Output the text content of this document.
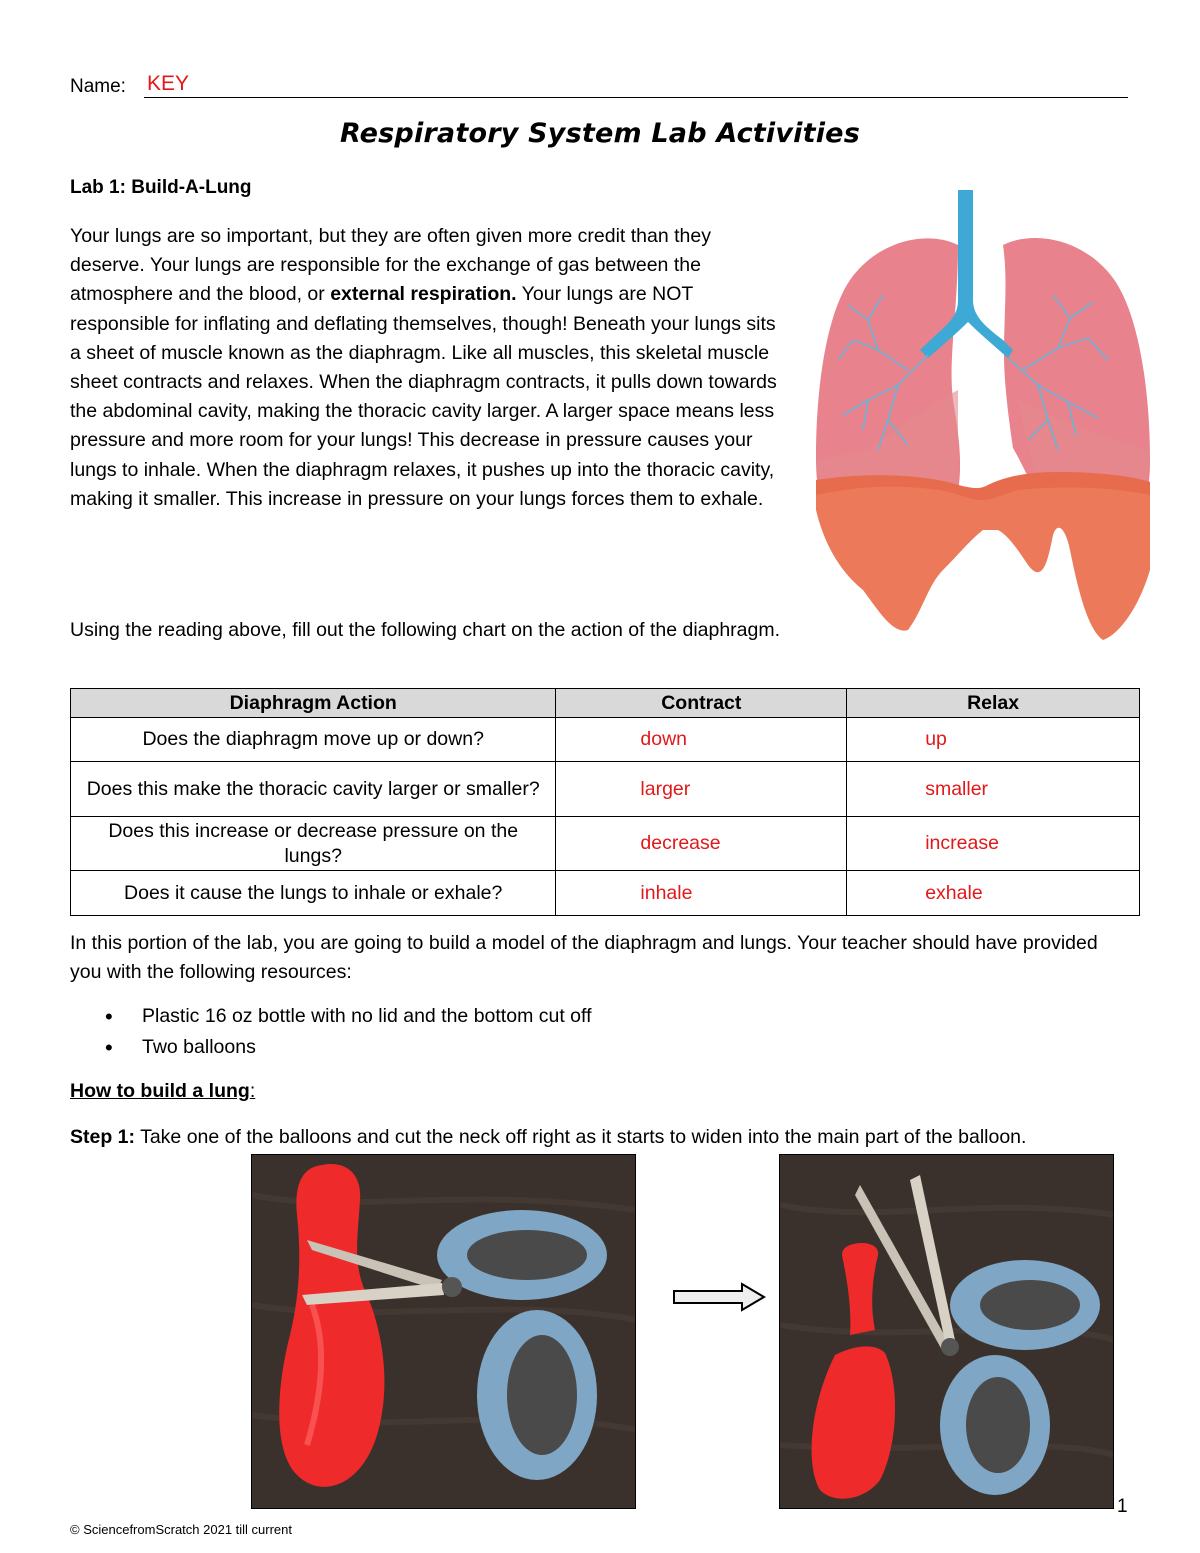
Name: KEY
Respiratory System Lab Activities
Lab 1: Build-A-Lung

Your lungs are so important, but they are often given more credit than they deserve. Your lungs are responsible for the exchange of gas between the atmosphere and the blood, or external respiration. Your lungs are NOT responsible for inflating and deflating themselves, though! Beneath your lungs sits a sheet of muscle known as the diaphragm. Like all muscles, this skeletal muscle sheet contracts and relaxes. When the diaphragm contracts, it pulls down towards the abdominal cavity, making the thoracic cavity larger. A larger space means less pressure and more room for your lungs! This decrease in pressure causes your lungs to inhale. When the diaphragm relaxes, it pushes up into the thoracic cavity, making it smaller. This increase in pressure on your lungs forces them to exhale.

Using the reading above, fill out the following chart on the action of the diaphragm.

Diaphragm Action	Contract	Relax
Does the diaphragm move up or down?	down	up
Does this make the thoracic cavity larger or smaller?	larger	smaller
Does this increase or decrease pressure on the lungs?	decrease	increase
Does it cause the lungs to inhale or exhale?	inhale	exhale

In this portion of the lab, you are going to build a model of the diaphragm and lungs. Your teacher should have provided you with the following resources:

• Plastic 16 oz bottle with no lid and the bottom cut off
• Two balloons
How to build a lung:

Step 1: Take one of the balloons and cut the neck off right as it starts to widen into the main part of the balloon.

1
© SciencefromScratch 2021 till current
